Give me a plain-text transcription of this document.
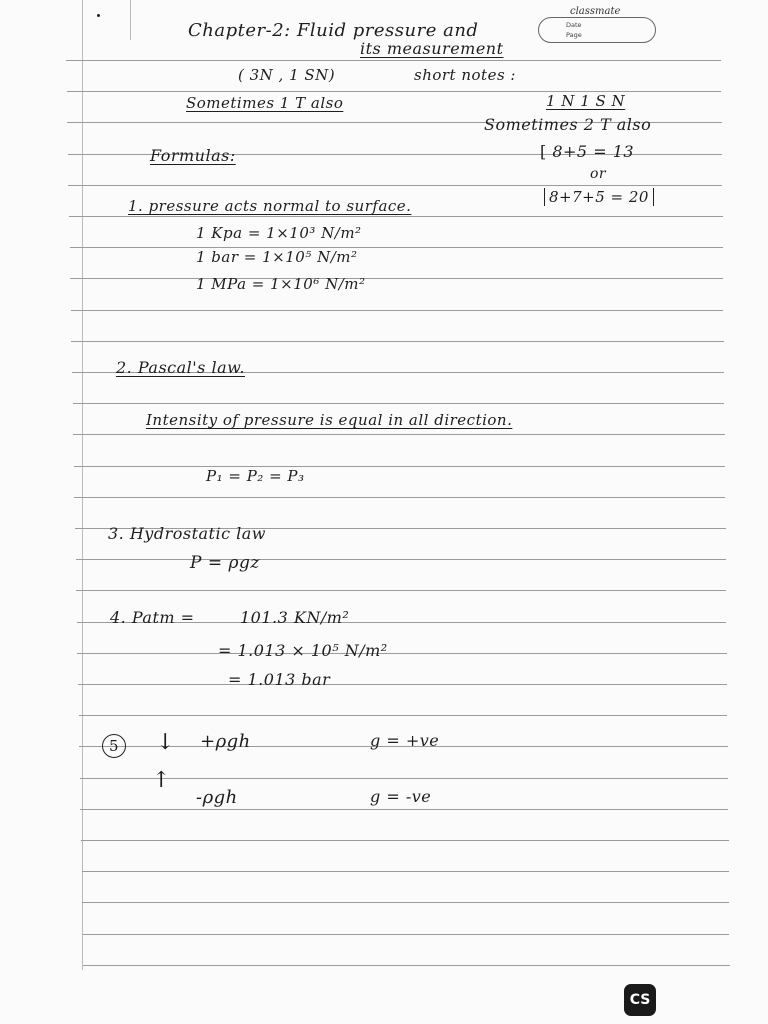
classmate
Date
Page
Chapter-2: Fluid pressure and
its measurement
( 3N , 1 SN)	short notes :
Sometimes 1 T also	1 N 1 S N
Sometimes 2 T also
Formulas:	[ 8+5 = 13
or
8+7+5 = 20
1. pressure acts normal to surface.
1 Kpa = 1×10³ N/m²
1 bar = 1×10⁵ N/m²
1 MPa = 1×10⁶ N/m²
2. Pascal's law.
Intensity of pressure is equal in all direction.
P₁ = P₂ = P₃
3. Hydrostatic law
P = ρgz
4. Patm =	101.3 KN/m²
= 1.013 × 10⁵ N/m²
= 1.013 bar
5	↓ +ρgh	g = +ve
↑
-ρgh	g = -ve
CS
